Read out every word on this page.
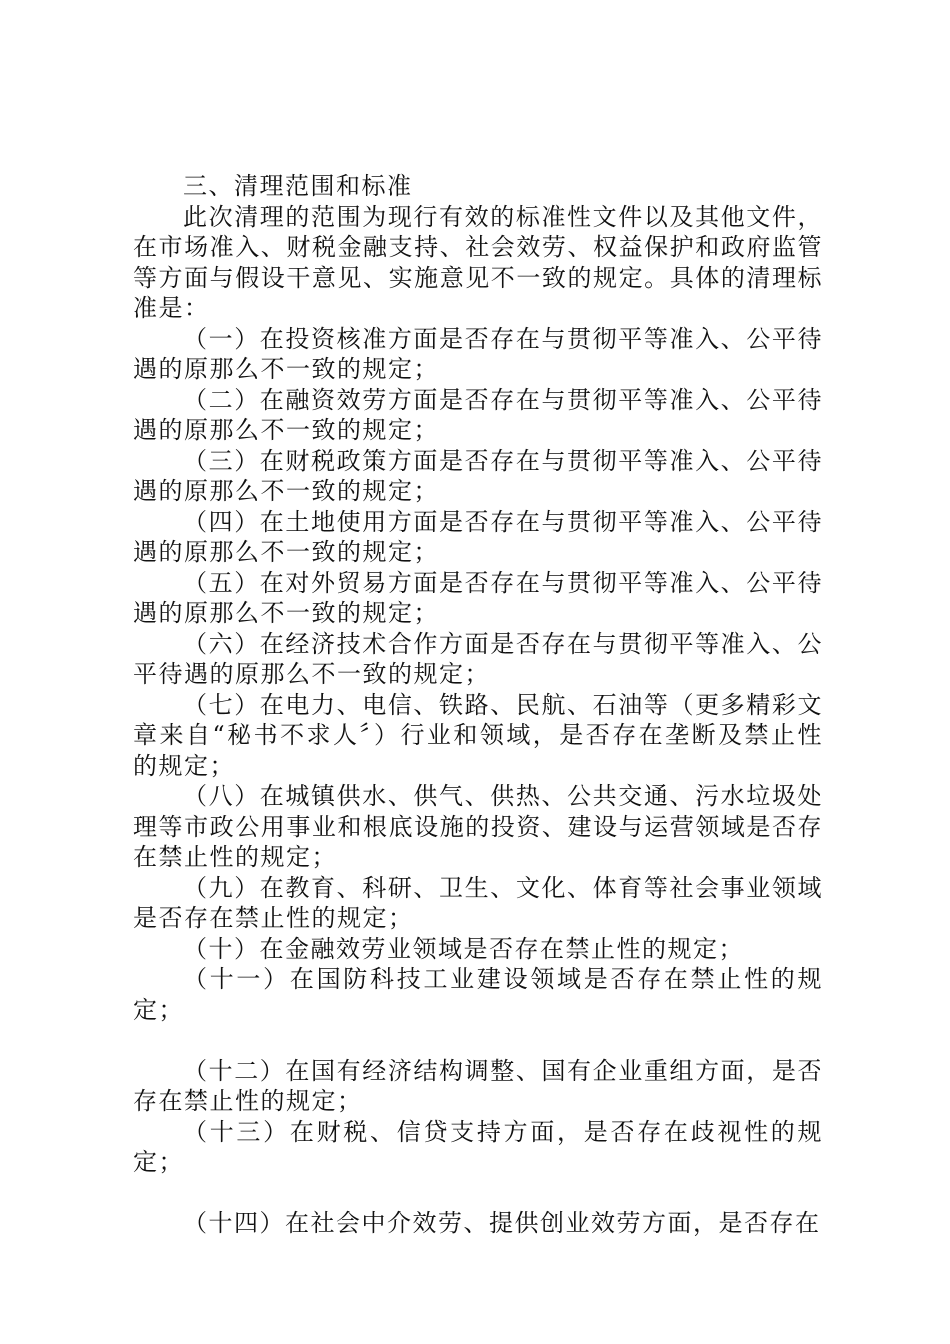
三、清理范围和标准

此次清理的范围为现行有效的标准性文件以及其他文件，在市场准入、财税金融支持、社会效劳、权益保护和政府监管等方面与假设干意见、实施意见不一致的规定。具体的清理标准是：

（一）在投资核准方面是否存在与贯彻平等准入、公平待遇的原那么不一致的规定；

（二）在融资效劳方面是否存在与贯彻平等准入、公平待遇的原那么不一致的规定；

（三）在财税政策方面是否存在与贯彻平等准入、公平待遇的原那么不一致的规定；

（四）在土地使用方面是否存在与贯彻平等准入、公平待遇的原那么不一致的规定；

（五）在对外贸易方面是否存在与贯彻平等准入、公平待遇的原那么不一致的规定；

（六）在经济技术合作方面是否存在与贯彻平等准入、公平待遇的原那么不一致的规定；

（七）在电力、电信、铁路、民航、石油等（更多精彩文章来自“秘书不求人〞）行业和领域，是否存在垄断及禁止性的规定；

（八）在城镇供水、供气、供热、公共交通、污水垃圾处理等市政公用事业和根底设施的投资、建设与运营领域是否存在禁止性的规定；

（九）在教育、科研、卫生、文化、体育等社会事业领域是否存在禁止性的规定；

（十）在金融效劳业领域是否存在禁止性的规定；

（十一）在国防科技工业建设领域是否存在禁止性的规定；

（十二）在国有经济结构调整、国有企业重组方面，是否存在禁止性的规定；

（十三）在财税、信贷支持方面，是否存在歧视性的规定；

（十四）在社会中介效劳、提供创业效劳方面，是否存在
